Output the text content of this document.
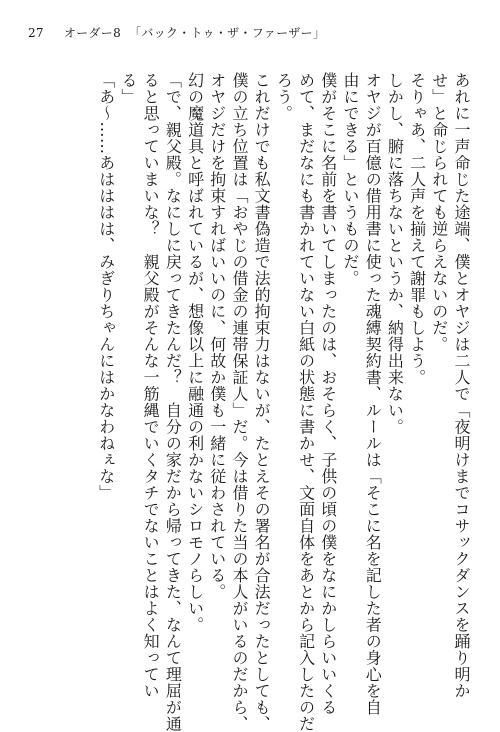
27 オーダー8 「バック・トゥ・ザ・ファーザー」
あれに一声命じた途端、僕とオヤジは二人で「夜明けまでコサックダンスを踊り明か
せ」と命じられても逆らえないのだ。
そりゃあ、二人声を揃えて謝罪もしよう。
しかし、腑に落ちないというか、納得出来ない。
オヤジが百億の借用書に使った魂縛契約書、ルールは「そこに名を記した者の身心を自
由にできる」というものだ。
僕がそこに名前を書いてしまったのは、おそらく、子供の頃の僕をなにかしらいいくる
めて、まだなにも書かれていない白紙の状態に書かせ、文面自体をあとから記入したのだ
ろう。
これだけでも私文書偽造で法的拘束力はないが、たとえその署名が合法だったとしても、
僕の立ち位置は「おやじの借金の連帯保証人」だ。今は借りた当の本人がいるのだから、
オヤジだけを拘束すればいいのに、何故か僕も一緒に従わされている。
幻の魔道具と呼ばれているが、想像以上に融通の利かないシロモノらしい。
「で、親父殿。なにしに戻ってきたんだ？　自分の家だから帰ってきた、なんて理屈が通
ると思っていまいな？　親父殿がそんな一筋縄でいくタチでないことはよく知ってい
る」
「あ〜……あはははは、みぎりちゃんにはかなわねぇな」
